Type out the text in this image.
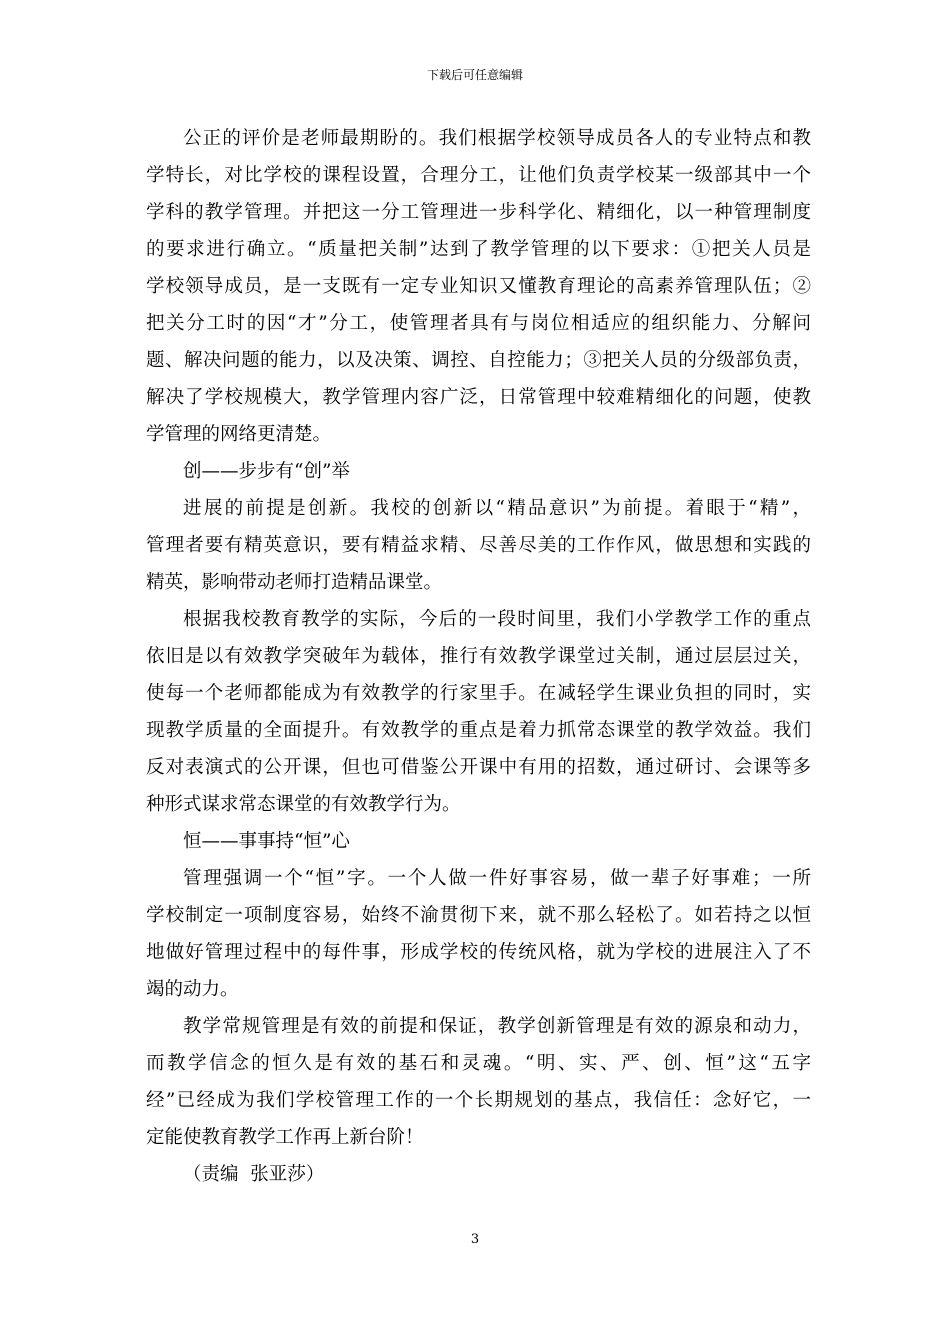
下载后可任意编辑
公正的评价是老师最期盼的。我们根据学校领导成员各人的专业特点和教
学特长，对比学校的课程设置，合理分工，让他们负责学校某一级部其中一个
学科的教学管理。并把这一分工管理进一步科学化、精细化，以一种管理制度
的要求进行确立。“质量把关制”达到了教学管理的以下要求：①把关人员是
学校领导成员，是一支既有一定专业知识又懂教育理论的高素养管理队伍；②
把关分工时的因“才”分工，使管理者具有与岗位相适应的组织能力、分解问
题、解决问题的能力，以及决策、调控、自控能力；③把关人员的分级部负责，
解决了学校规模大，教学管理内容广泛，日常管理中较难精细化的问题，使教
学管理的网络更清楚。
创——步步有“创”举
进展的前提是创新。我校的创新以“精品意识”为前提。着眼于“精”，
管理者要有精英意识，要有精益求精、尽善尽美的工作作风，做思想和实践的
精英，影响带动老师打造精品课堂。
根据我校教育教学的实际，今后的一段时间里，我们小学教学工作的重点
依旧是以有效教学突破年为载体，推行有效教学课堂过关制，通过层层过关，
使每一个老师都能成为有效教学的行家里手。在减轻学生课业负担的同时，实
现教学质量的全面提升。有效教学的重点是着力抓常态课堂的教学效益。我们
反对表演式的公开课，但也可借鉴公开课中有用的招数，通过研讨、会课等多
种形式谋求常态课堂的有效教学行为。
恒——事事持“恒”心
管理强调一个“恒”字。一个人做一件好事容易，做一辈子好事难；一所
学校制定一项制度容易，始终不渝贯彻下来，就不那么轻松了。如若持之以恒
地做好管理过程中的每件事，形成学校的传统风格，就为学校的进展注入了不
竭的动力。
教学常规管理是有效的前提和保证，教学创新管理是有效的源泉和动力，
而教学信念的恒久是有效的基石和灵魂。“明、实、严、创、恒”这“五字
经”已经成为我们学校管理工作的一个长期规划的基点，我信任：念好它，一
定能使教育教学工作再上新台阶！
（责编  张亚莎）
3
